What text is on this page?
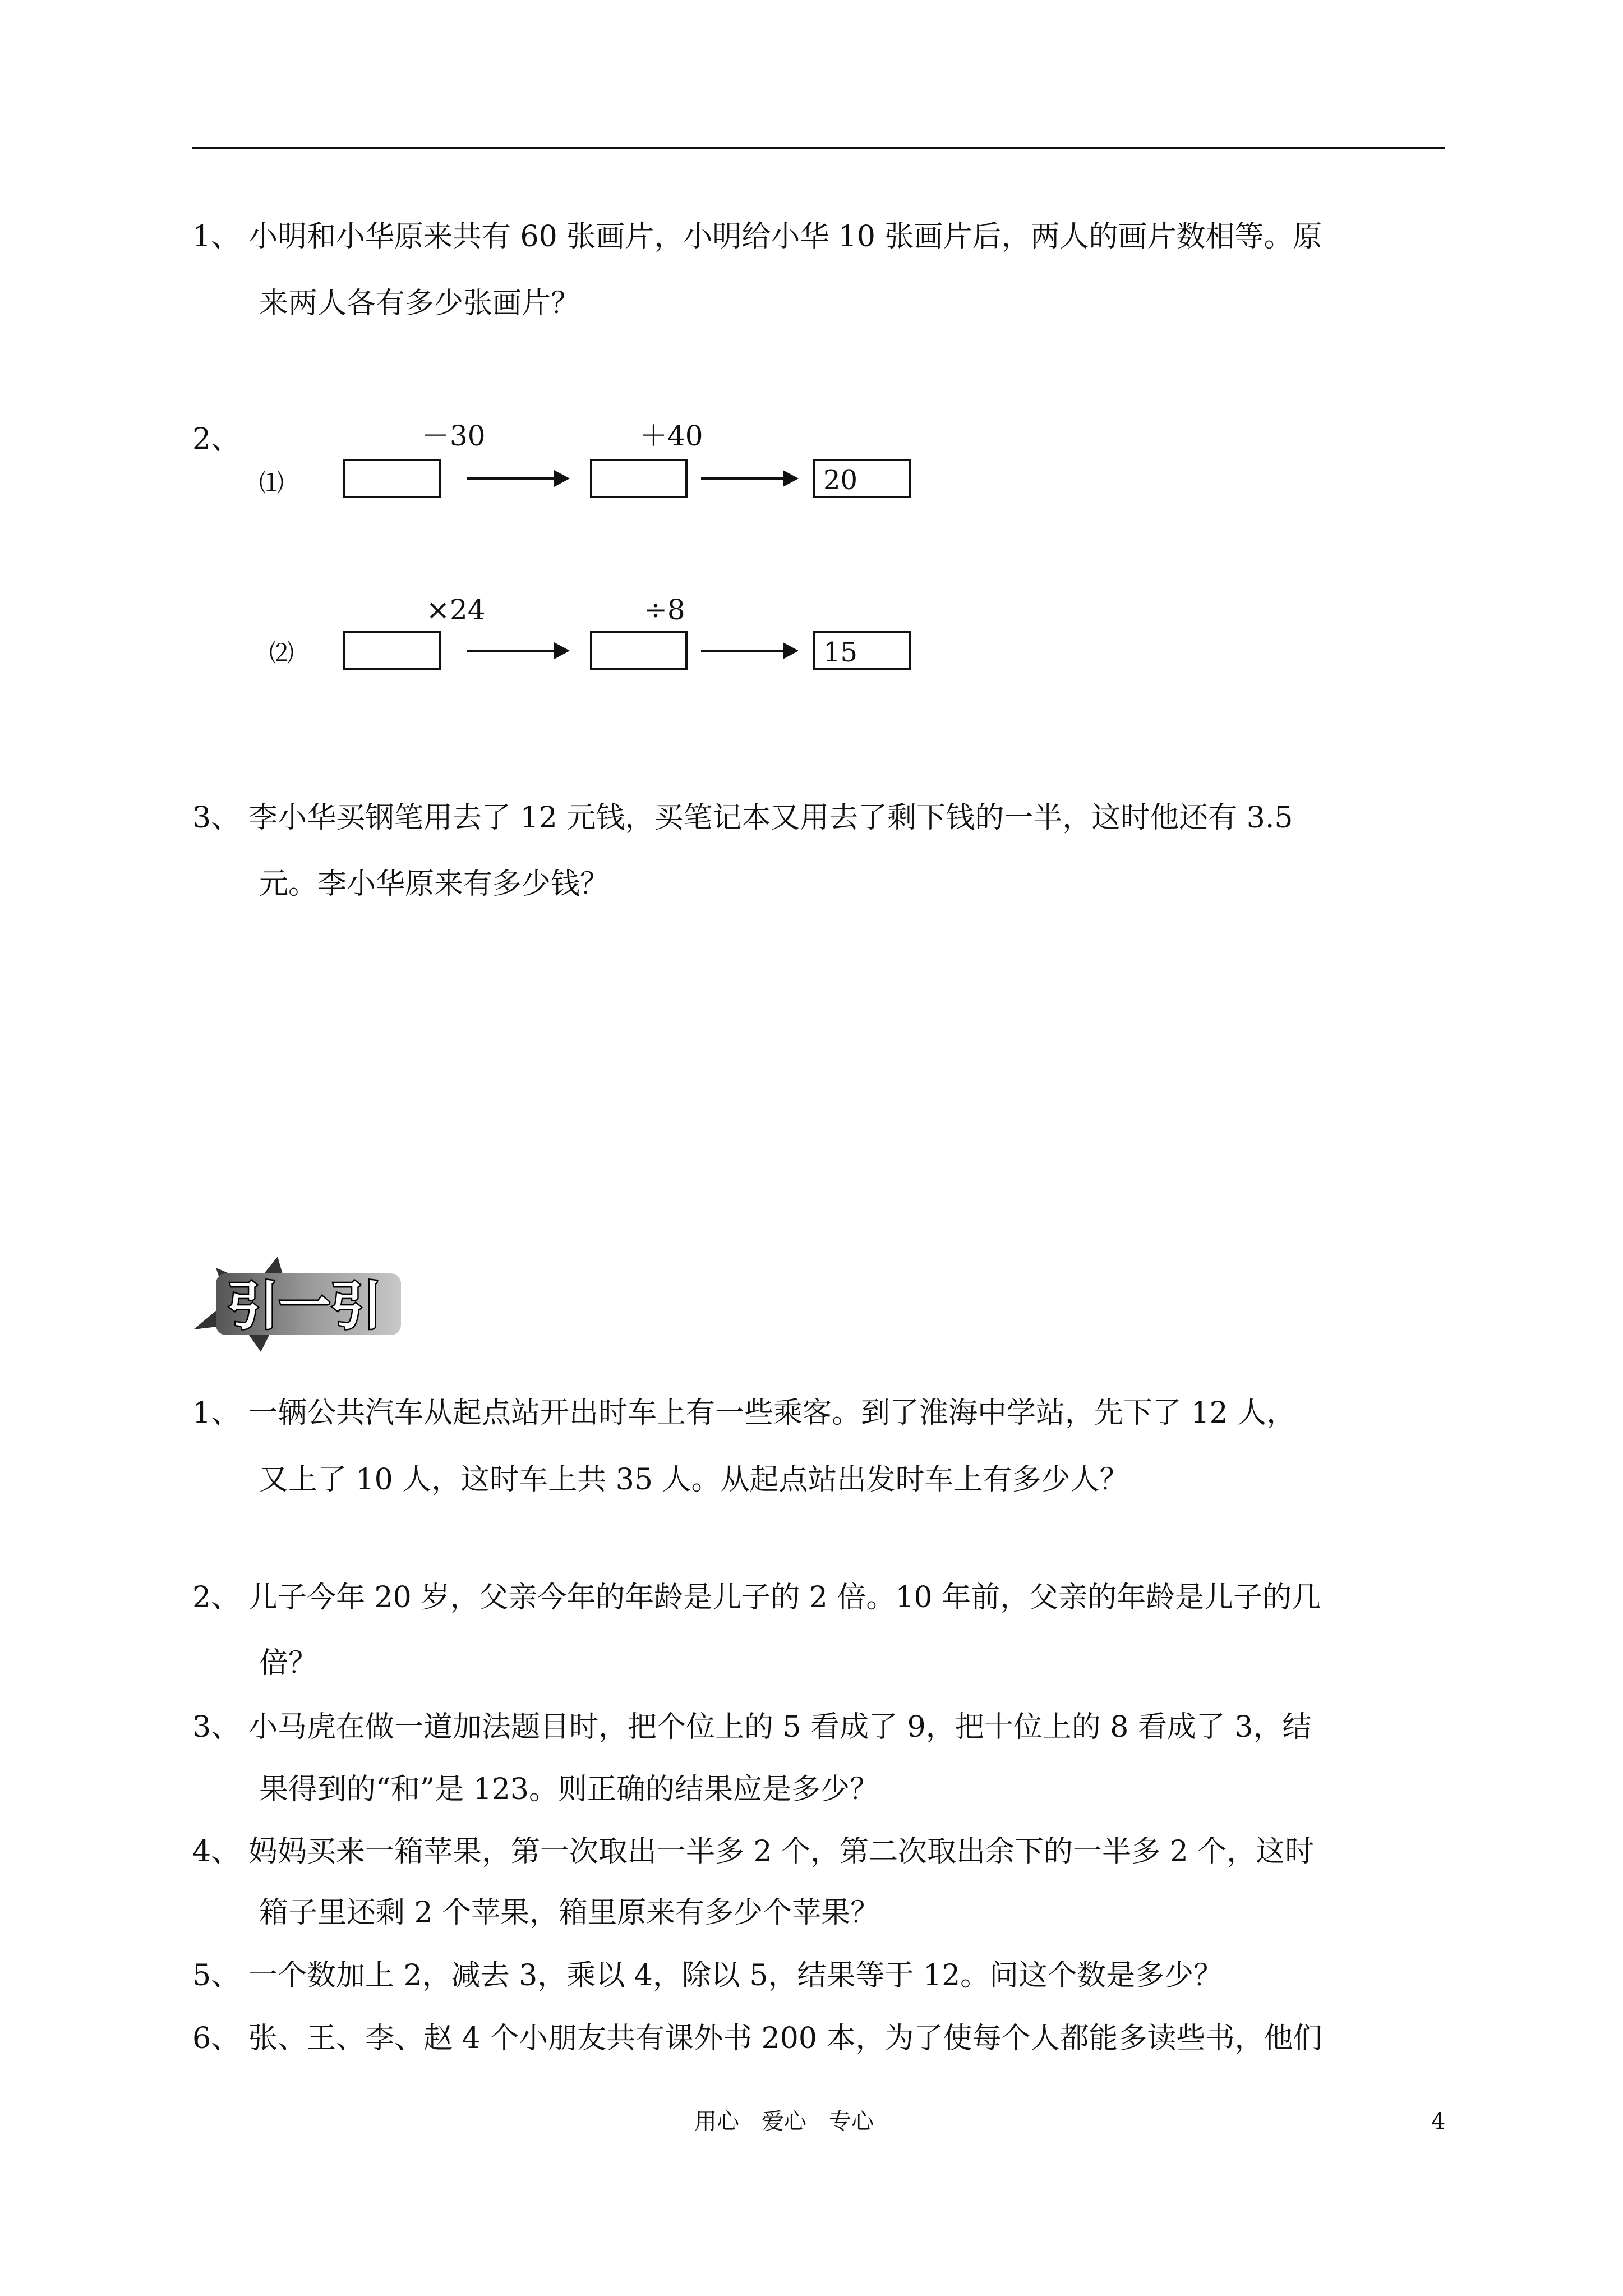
1、 小明和小华原来共有 60 张画片，小明给小华 10 张画片后，两人的画片数相等。原
来两人各有多少张画片？
2、
⑴
－30	＋40
20
⑵
×24	÷8
15
3、 李小华买钢笔用去了 12 元钱，买笔记本又用去了剩下钱的一半，这时他还有 3.5
元。李小华原来有多少钱？
引一引
1、 一辆公共汽车从起点站开出时车上有一些乘客。到了淮海中学站，先下了 12 人，
又上了 10 人，这时车上共 35 人。从起点站出发时车上有多少人？
2、 儿子今年 20 岁，父亲今年的年龄是儿子的 2 倍。10 年前，父亲的年龄是儿子的几
倍？
3、 小马虎在做一道加法题目时，把个位上的 5 看成了 9，把十位上的 8 看成了 3，结
果得到的“和”是 123。则正确的结果应是多少？
4、 妈妈买来一箱苹果，第一次取出一半多 2 个，第二次取出余下的一半多 2 个，这时
箱子里还剩 2 个苹果，箱里原来有多少个苹果？
5、 一个数加上 2，减去 3，乘以 4，除以 5，结果等于 12。问这个数是多少？
6、 张、王、李、赵 4 个小朋友共有课外书 200 本，为了使每个人都能多读些书，他们
用心　爱心　专心	4
